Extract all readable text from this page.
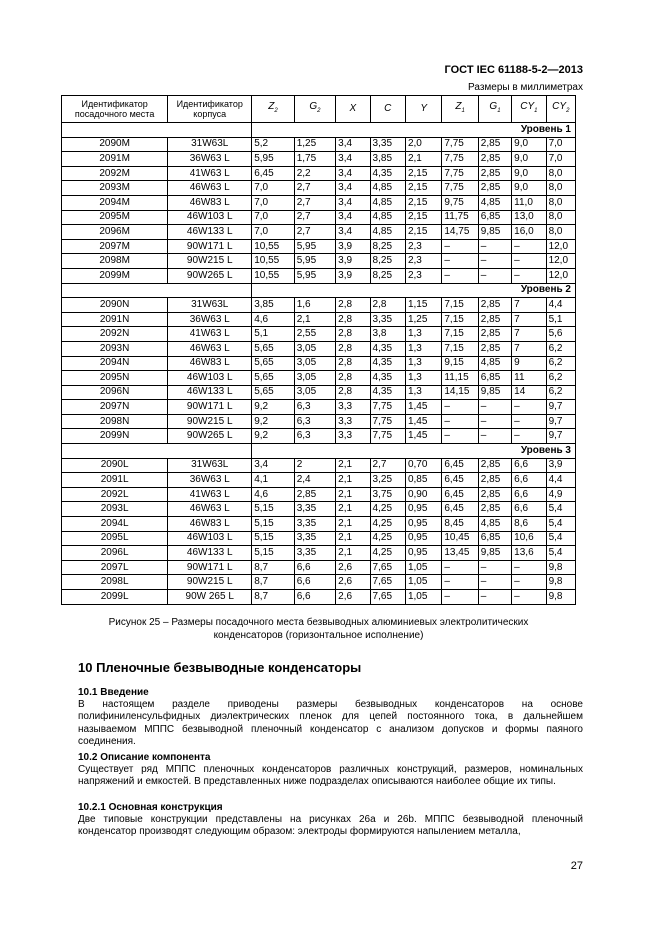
ГОСТ IEC 61188-5-2—2013
Размеры в миллиметрах
Идентификатор посадочного места	Идентификатор корпуса	$Z_2$	$G_2$	X	C	Y	$Z_1$	$G_1$	$CY_1$	$CY_2$
		Уровень 1								
2090M	31W63L	5,2	1,25	3,4	3,35	2,0	7,75	2,85	9,0	7,0
2091M	36W63 L	5,95	1,75	3,4	3,85	2,1	7,75	2,85	9,0	7,0
2092M	41W63 L	6,45	2,2	3,4	4,35	2,15	7,75	2,85	9,0	8,0
2093M	46W63 L	7,0	2,7	3,4	4,85	2,15	7,75	2,85	9,0	8,0
2094M	46W83 L	7,0	2,7	3,4	4,85	2,15	9,75	4,85	11,0	8,0
2095M	46W103 L	7,0	2,7	3,4	4,85	2,15	11,75	6,85	13,0	8,0
2096M	46W133 L	7,0	2,7	3,4	4,85	2,15	14,75	9,85	16,0	8,0
2097M	90W171 L	10,55	5,95	3,9	8,25	2,3	–	–	–	12,0
2098M	90W215 L	10,55	5,95	3,9	8,25	2,3	–	–	–	12,0
2099M	90W265 L	10,55	5,95	3,9	8,25	2,3	–	–	–	12,0
		Уровень 2								
2090N	31W63L	3,85	1,6	2,8	2,8	1,15	7,15	2,85	7	4,4
2091N	36W63 L	4,6	2,1	2,8	3,35	1,25	7,15	2,85	7	5,1
2092N	41W63 L	5,1	2,55	2,8	3,8	1,3	7,15	2,85	7	5,6
2093N	46W63 L	5,65	3,05	2,8	4,35	1,3	7,15	2,85	7	6,2
2094N	46W83 L	5,65	3,05	2,8	4,35	1,3	9,15	4,85	9	6,2
2095N	46W103 L	5,65	3,05	2,8	4,35	1,3	11,15	6,85	11	6,2
2096N	46W133 L	5,65	3,05	2,8	4,35	1,3	14,15	9,85	14	6,2
2097N	90W171 L	9,2	6,3	3,3	7,75	1,45	–	–	–	9,7
2098N	90W215 L	9,2	6,3	3,3	7,75	1,45	–	–	–	9,7
2099N	90W265 L	9,2	6,3	3,3	7,75	1,45	–	–	–	9,7
		Уровень 3								
2090L	31W63L	3,4	2	2,1	2,7	0,70	6,45	2,85	6,6	3,9
2091L	36W63 L	4,1	2,4	2,1	3,25	0,85	6,45	2,85	6,6	4,4
2092L	41W63 L	4,6	2,85	2,1	3,75	0,90	6,45	2,85	6,6	4,9
2093L	46W63 L	5,15	3,35	2,1	4,25	0,95	6,45	2,85	6,6	5,4
2094L	46W83 L	5,15	3,35	2,1	4,25	0,95	8,45	4,85	8,6	5,4
2095L	46W103 L	5,15	3,35	2,1	4,25	0,95	10,45	6,85	10,6	5,4
2096L	46W133 L	5,15	3,35	2,1	4,25	0,95	13,45	9,85	13,6	5,4
2097L	90W171 L	8,7	6,6	2,6	7,65	1,05	–	–	–	9,8
2098L	90W215 L	8,7	6,6	2,6	7,65	1,05	–	–	–	9,8
2099L	90W 265 L	8,7	6,6	2,6	7,65	1,05	–	–	–	9,8
Рисунок 25 – Размеры посадочного места безвыводных алюминиевых электролитических
конденсаторов (горизонтальное исполнение)
10 Пленочные безвыводные конденсаторы
10.1 Введение

В настоящем разделе приводены размеры безвыводных конденсаторов на основе полифиниленсульфидных диэлектрических пленок для цепей постоянного тока, в дальнейшем называемом МППС безвыводной пленочный конденсатор с анализом допусков и формы паяного соединения.

10.2 Описание компонента

Существует ряд МППС пленочных конденсаторов различных конструкций, размеров, номинальных напряжений и емкостей. В представленных ниже подразделах описываются наиболее общие их типы.

10.2.1 Основная конструкция

Две типовые конструкции представлены на рисунках 26а и 26b. МППС безвыводной пленочный конденсатор производят следующим образом: электроды формируются напылением металла,

27
